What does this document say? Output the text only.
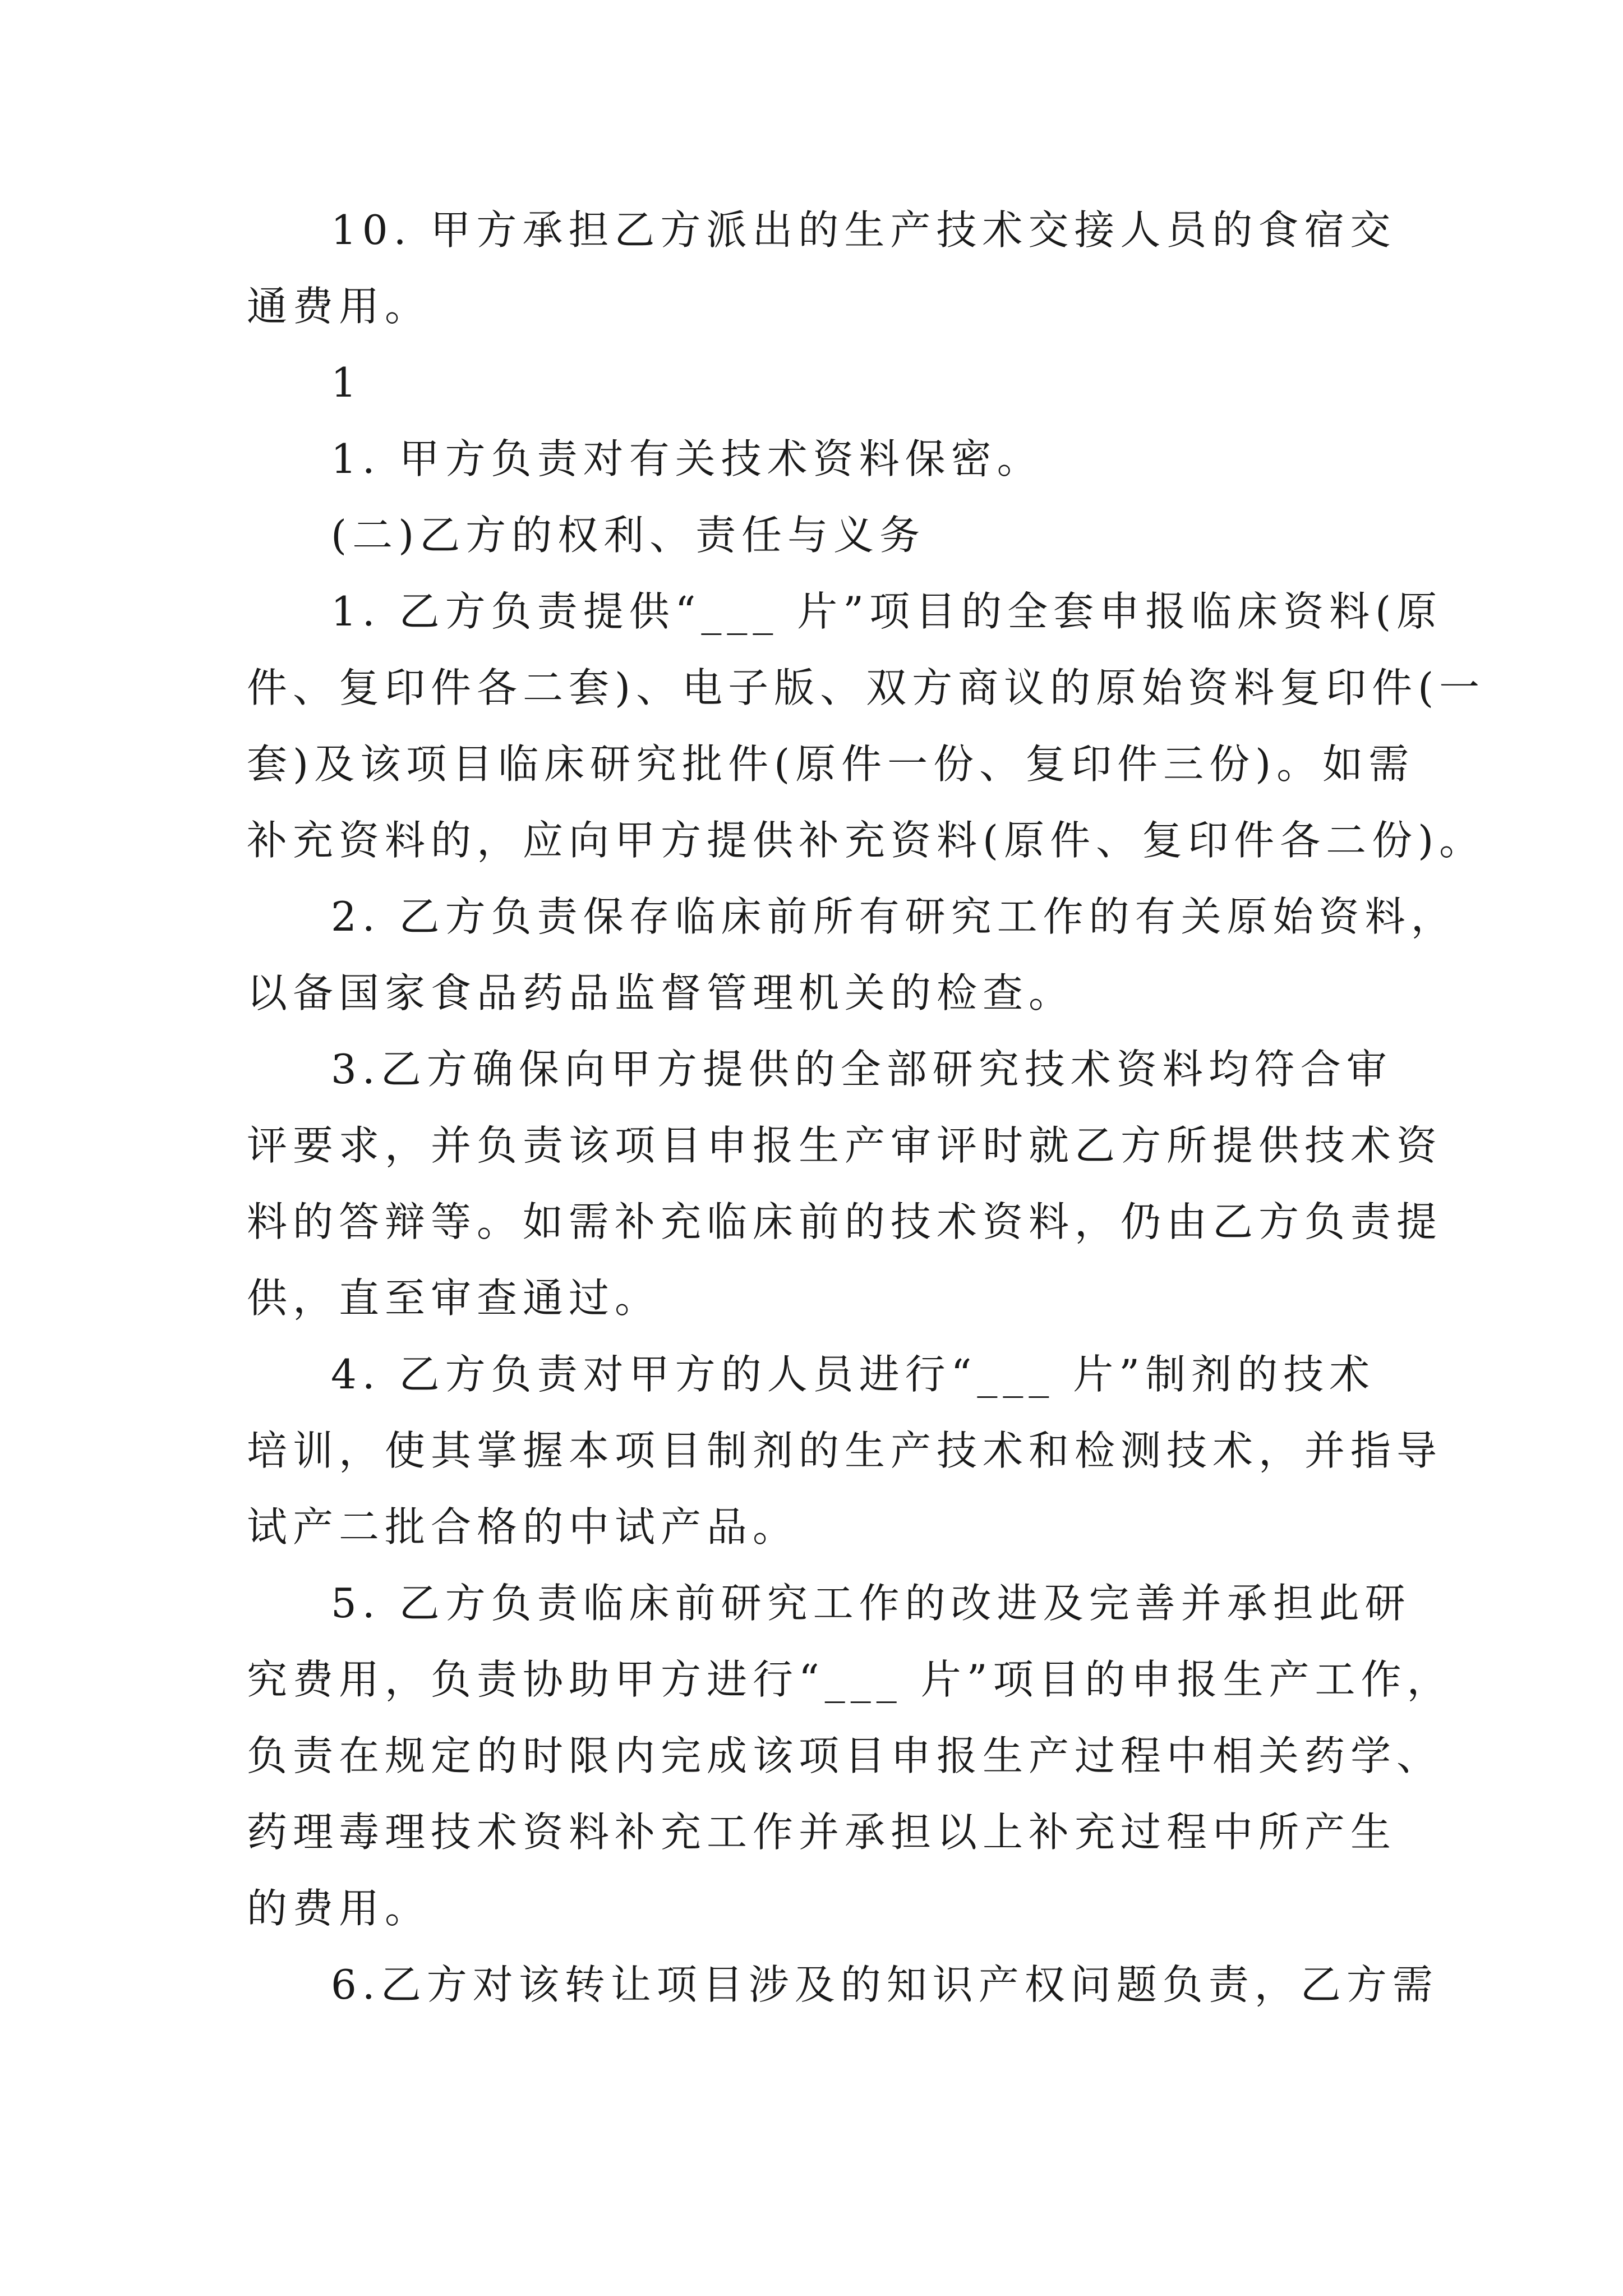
10. 甲方承担乙方派出的生产技术交接人员的食宿交
通费用。
1
1. 甲方负责对有关技术资料保密。
(二)乙方的权利、责任与义务
1. 乙方负责提供“___ 片”项目的全套申报临床资料(原
件、复印件各二套)、电子版、双方商议的原始资料复印件(一
套)及该项目临床研究批件(原件一份、复印件三份)。如需
补充资料的，应向甲方提供补充资料(原件、复印件各二份)。
2. 乙方负责保存临床前所有研究工作的有关原始资料，
以备国家食品药品监督管理机关的检查。
3.乙方确保向甲方提供的全部研究技术资料均符合审
评要求，并负责该项目申报生产审评时就乙方所提供技术资
料的答辩等。如需补充临床前的技术资料，仍由乙方负责提
供，直至审查通过。
4. 乙方负责对甲方的人员进行“___ 片”制剂的技术
培训，使其掌握本项目制剂的生产技术和检测技术，并指导
试产二批合格的中试产品。
5. 乙方负责临床前研究工作的改进及完善并承担此研
究费用，负责协助甲方进行“___ 片”项目的申报生产工作，
负责在规定的时限内完成该项目申报生产过程中相关药学、
药理毒理技术资料补充工作并承担以上补充过程中所产生
的费用。
6.乙方对该转让项目涉及的知识产权问题负责，乙方需
